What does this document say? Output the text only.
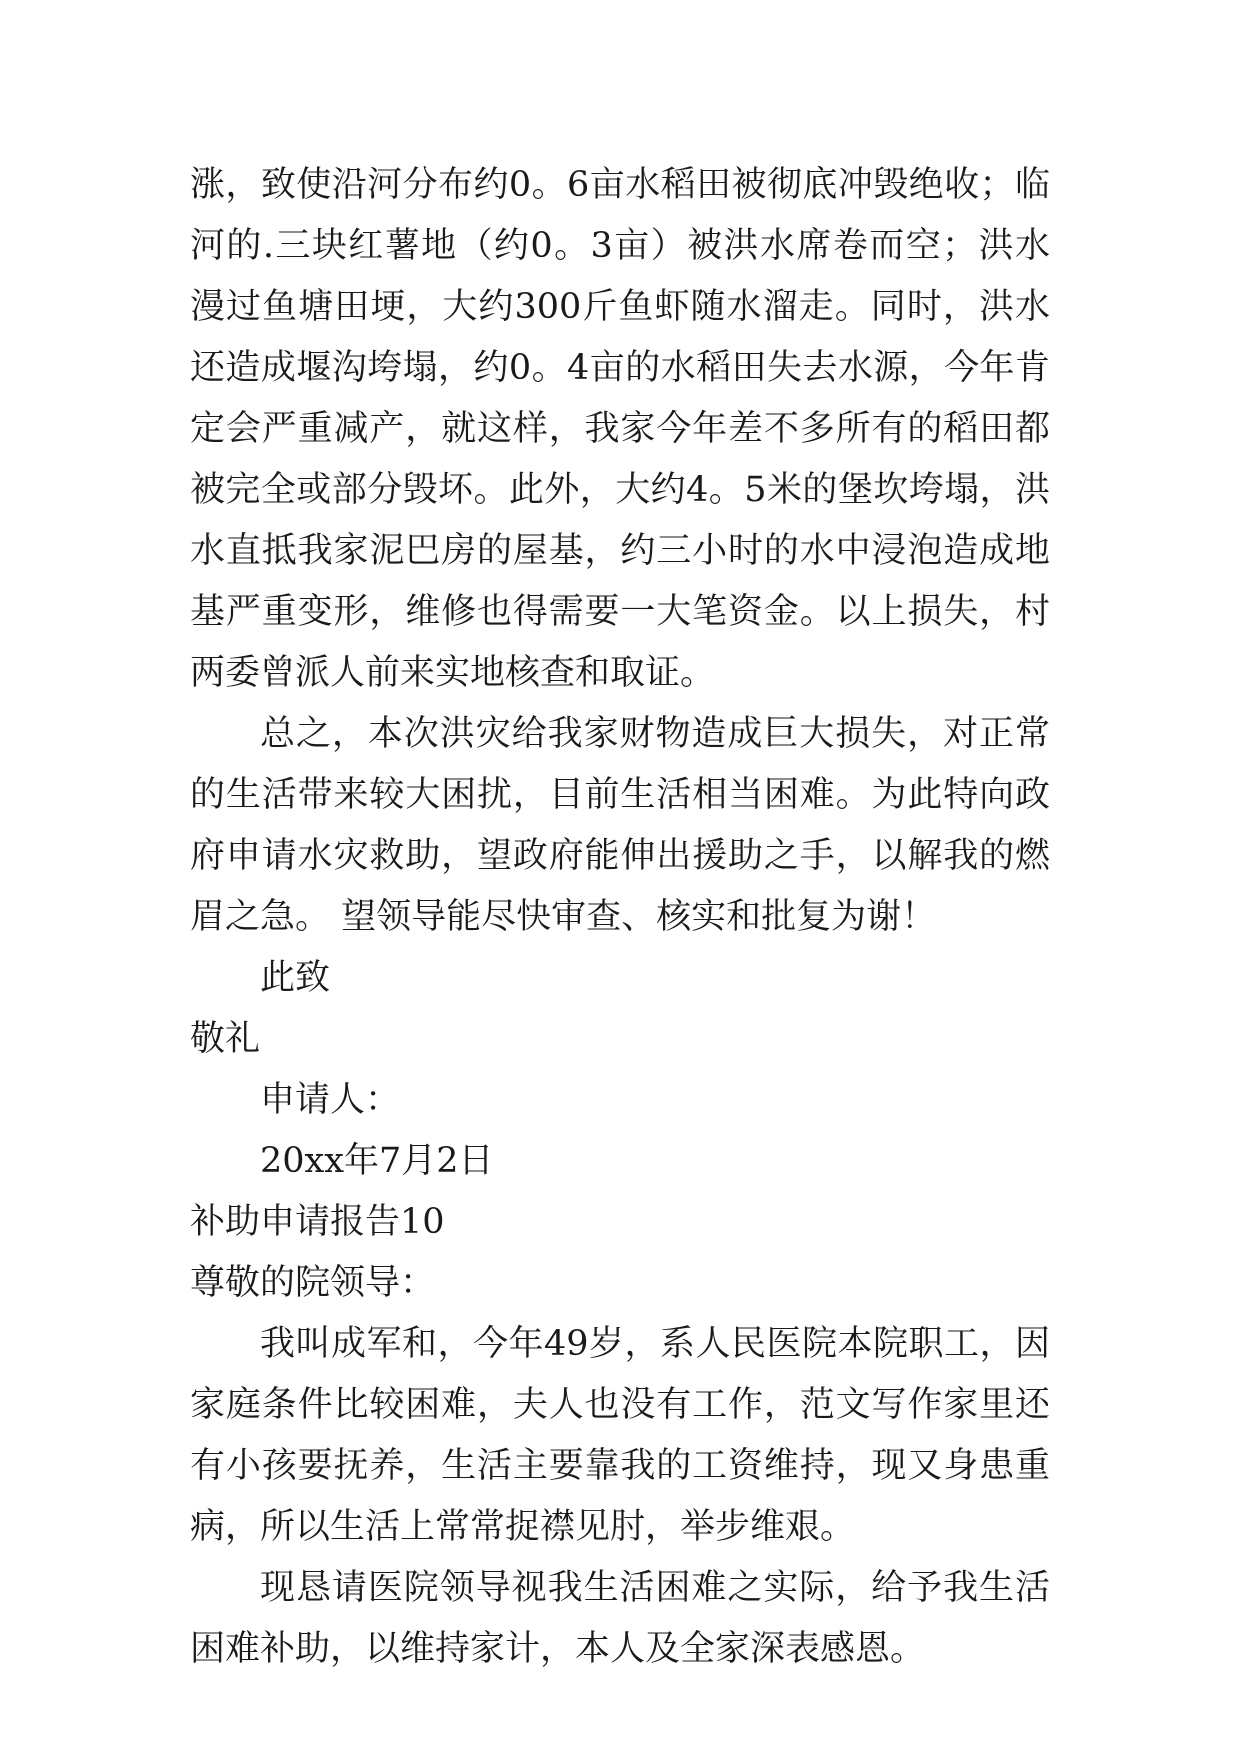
涨，致使沿河分布约0。6亩水稻田被彻底冲毁绝收；临河的.三块红薯地（约0。3亩）被洪水席卷而空；洪水漫过鱼塘田埂，大约300斤鱼虾随水溜走。同时，洪水还造成堰沟垮塌，约0。4亩的水稻田失去水源，今年肯定会严重减产，就这样，我家今年差不多所有的稻田都被完全或部分毁坏。此外，大约4。5米的堡坎垮塌，洪水直抵我家泥巴房的屋基，约三小时的水中浸泡造成地基严重变形，维修也得需要一大笔资金。以上损失，村两委曾派人前来实地核查和取证。

总之，本次洪灾给我家财物造成巨大损失，对正常的生活带来较大困扰，目前生活相当困难。为此特向政府申请水灾救助，望政府能伸出援助之手，以解我的燃眉之急。 望领导能尽快审查、核实和批复为谢！

此致

敬礼

申请人：

20xx年7月2日

补助申请报告10

尊敬的院领导：

我叫成军和，今年49岁，系人民医院本院职工，因家庭条件比较困难，夫人也没有工作，范文写作家里还有小孩要抚养，生活主要靠我的工资维持，现又身患重病，所以生活上常常捉襟见肘，举步维艰。

现恳请医院领导视我生活困难之实际，给予我生活困难补助，以维持家计，本人及全家深表感恩。
